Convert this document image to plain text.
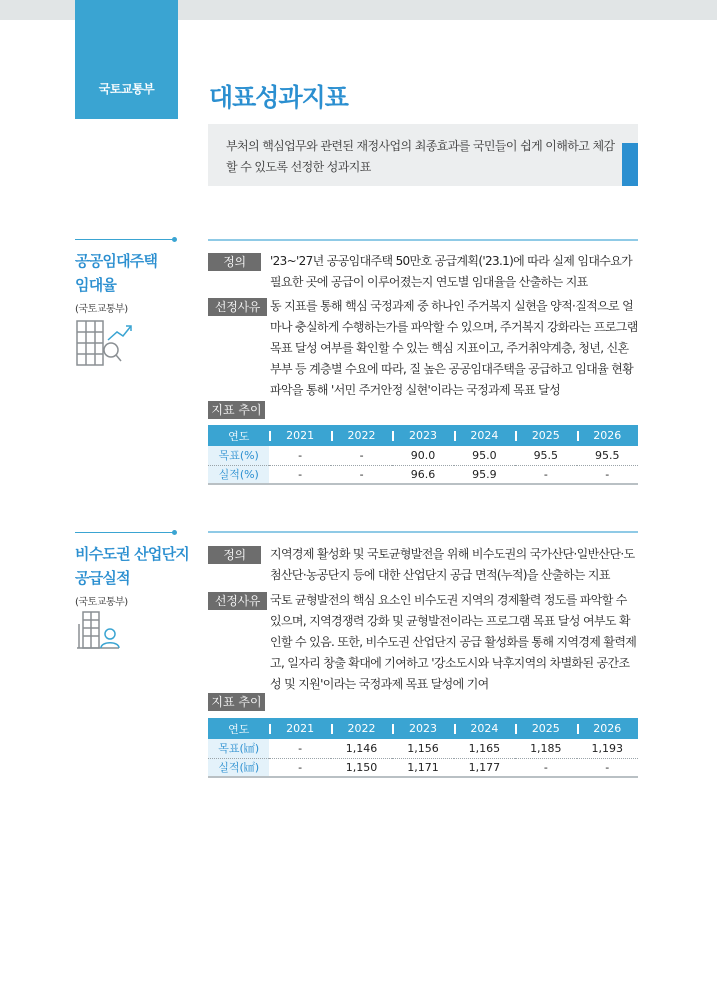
국토교통부	대표성과지표

부처의 핵심업무와 관련된 재정사업의 최종효과를 국민들이 쉽게 이해하고 체감할 수 있도록 선정한 성과지표

공공임대주택
임대율
(국토교통부)
정의	'23~'27년 공공임대주택 50만호 공급계획('23.1)에 따라 실제 임대수요가 필요한 곳에 공급이 이루어졌는지 연도별 임대율을 산출하는 지표
선정사유 동 지표를 통해 핵심 국정과제 중 하나인 주거복지 실현을 양적·질적으로 얼마나 충실하게 수행하는가를 파악할 수 있으며, 주거복지 강화라는 프로그램 목표 달성 여부를 확인할 수 있는 핵심 지표이고, 주거취약계층, 청년, 신혼부부 등 계층별 수요에 따라, 질 높은 공공임대주택을 공급하고 임대율 현황 파악을 통해 '서민 주거안정 실현'이라는 국정과제 목표 달성
지표 추이
연도	2021	2022	2023	2024	2025	2026
목표(%)	-	-	90.0	95.0	95.5	95.5
실적(%)	-	-	96.6	95.9	-	-
비수도권 산업단지
공급실적
(국토교통부)
정의	지역경제 활성화 및 국토균형발전을 위해 비수도권의 국가산단·일반산단·도첨산단·농공단지 등에 대한 산업단지 공급 면적(누적)을 산출하는 지표
선정사유 국토 균형발전의 핵심 요소인 비수도권 지역의 경제활력 정도를 파악할 수 있으며, 지역경쟁력 강화 및 균형발전이라는 프로그램 목표 달성 여부도 확인할 수 있음. 또한, 비수도권 산업단지 공급 활성화를 통해 지역경제 활력제고, 일자리 창출 확대에 기여하고 '강소도시와 낙후지역의 차별화된 공간조성 및 지원'이라는 국정과제 목표 달성에 기여
지표 추이
연도	2021	2022	2023	2024	2025	2026
목표(㎢)	-	1,146	1,156	1,165	1,185	1,193
실적(㎢)	-	1,150	1,171	1,177	-	-
